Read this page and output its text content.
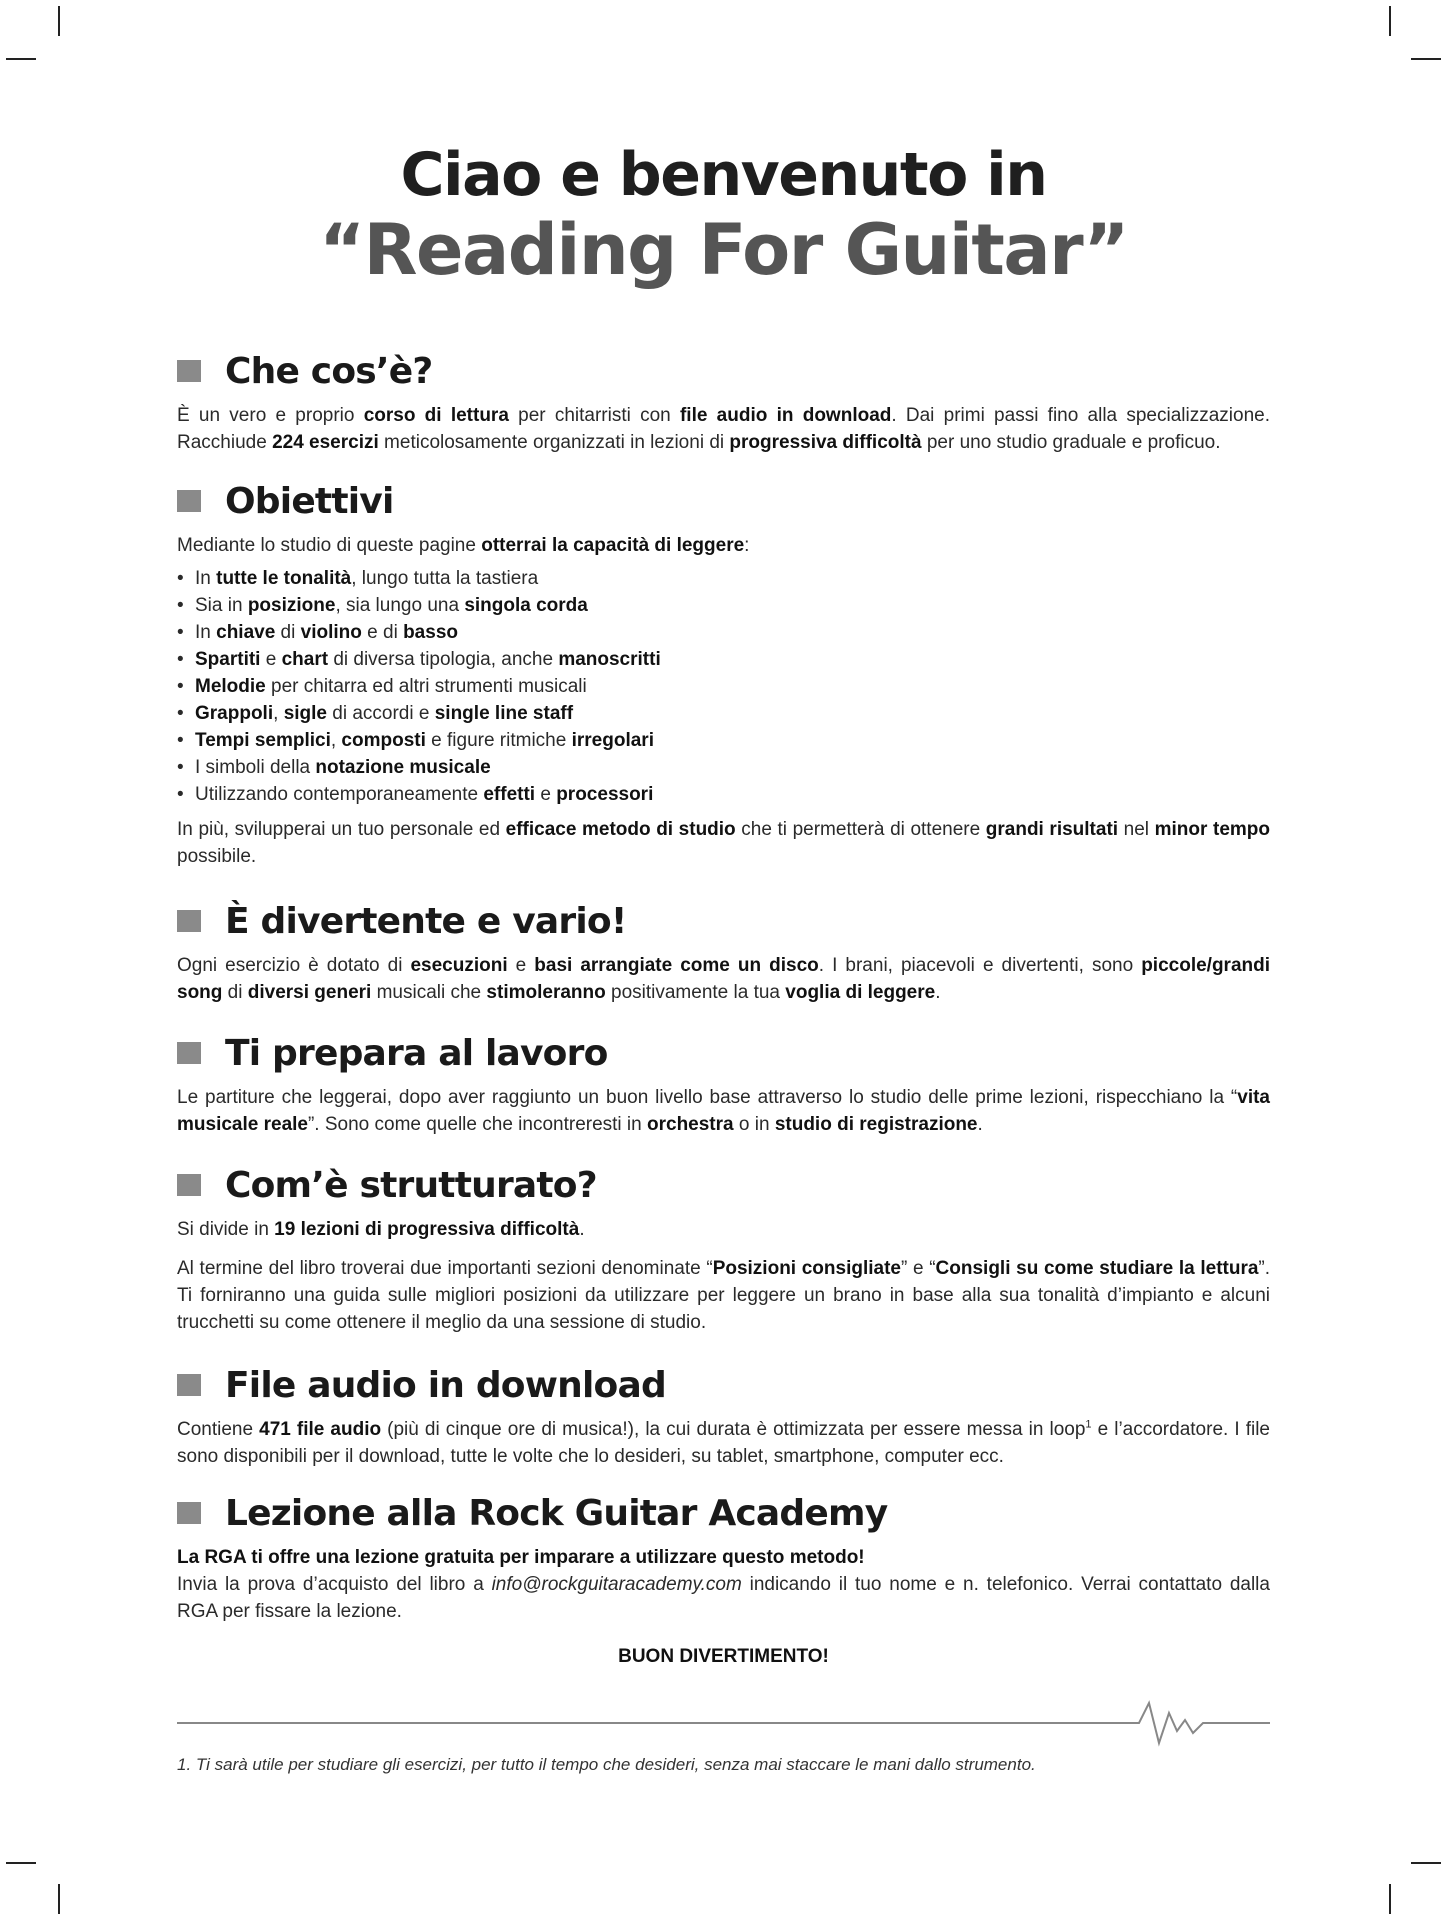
Ciao e benvenuto in
“Reading For Guitar”
Che cos’è?

È un vero e proprio corso di lettura per chitarristi con file audio in download. Dai primi passi fino alla specializzazione. Racchiude 224 esercizi meticolosamente organizzati in lezioni di progressiva difficoltà per uno studio graduale e proficuo.

Obiettivi

Mediante lo studio di queste pagine otterrai la capacità di leggere:

• In tutte le tonalità, lungo tutta la tastiera
• Sia in posizione, sia lungo una singola corda
• In chiave di violino e di basso
• Spartiti e chart di diversa tipologia, anche manoscritti
• Melodie per chitarra ed altri strumenti musicali
• Grappoli, sigle di accordi e single line staff
• Tempi semplici, composti e figure ritmiche irregolari
• I simboli della notazione musicale
• Utilizzando contemporaneamente effetti e processori

In più, svilupperai un tuo personale ed efficace metodo di studio che ti permetterà di ottenere grandi risultati nel minor tempo possibile.

È divertente e vario!

Ogni esercizio è dotato di esecuzioni e basi arrangiate come un disco. I brani, piacevoli e divertenti, sono piccole/grandi song di diversi generi musicali che stimoleranno positivamente la tua voglia di leggere.

Ti prepara al lavoro

Le partiture che leggerai, dopo aver raggiunto un buon livello base attraverso lo studio delle prime lezioni, rispecchiano la “vita musicale reale”. Sono come quelle che incontreresti in orchestra o in studio di registrazione.

Com’è strutturato?

Si divide in 19 lezioni di progressiva difficoltà.

Al termine del libro troverai due importanti sezioni denominate “Posizioni consigliate” e “Consigli su come studiare la lettura”. Ti forniranno una guida sulle migliori posizioni da utilizzare per leggere un brano in base alla sua tonalità d’impianto e alcuni trucchetti su come ottenere il meglio da una sessione di studio.

File audio in download

Contiene 471 file audio (più di cinque ore di musica!), la cui durata è ottimizzata per essere messa in loop$^1$ e l’accordatore. I file sono disponibili per il download, tutte le volte che lo desideri, su tablet, smartphone, computer ecc.

Lezione alla Rock Guitar Academy

La RGA ti offre una lezione gratuita per imparare a utilizzare questo metodo!

Invia la prova d’acquisto del libro a info@rockguitaracademy.com indicando il tuo nome e n. telefonico. Verrai contattato dalla RGA per fissare la lezione.

BUON DIVERTIMENTO!

1. Ti sarà utile per studiare gli esercizi, per tutto il tempo che desideri, senza mai staccare le mani dallo strumento.
